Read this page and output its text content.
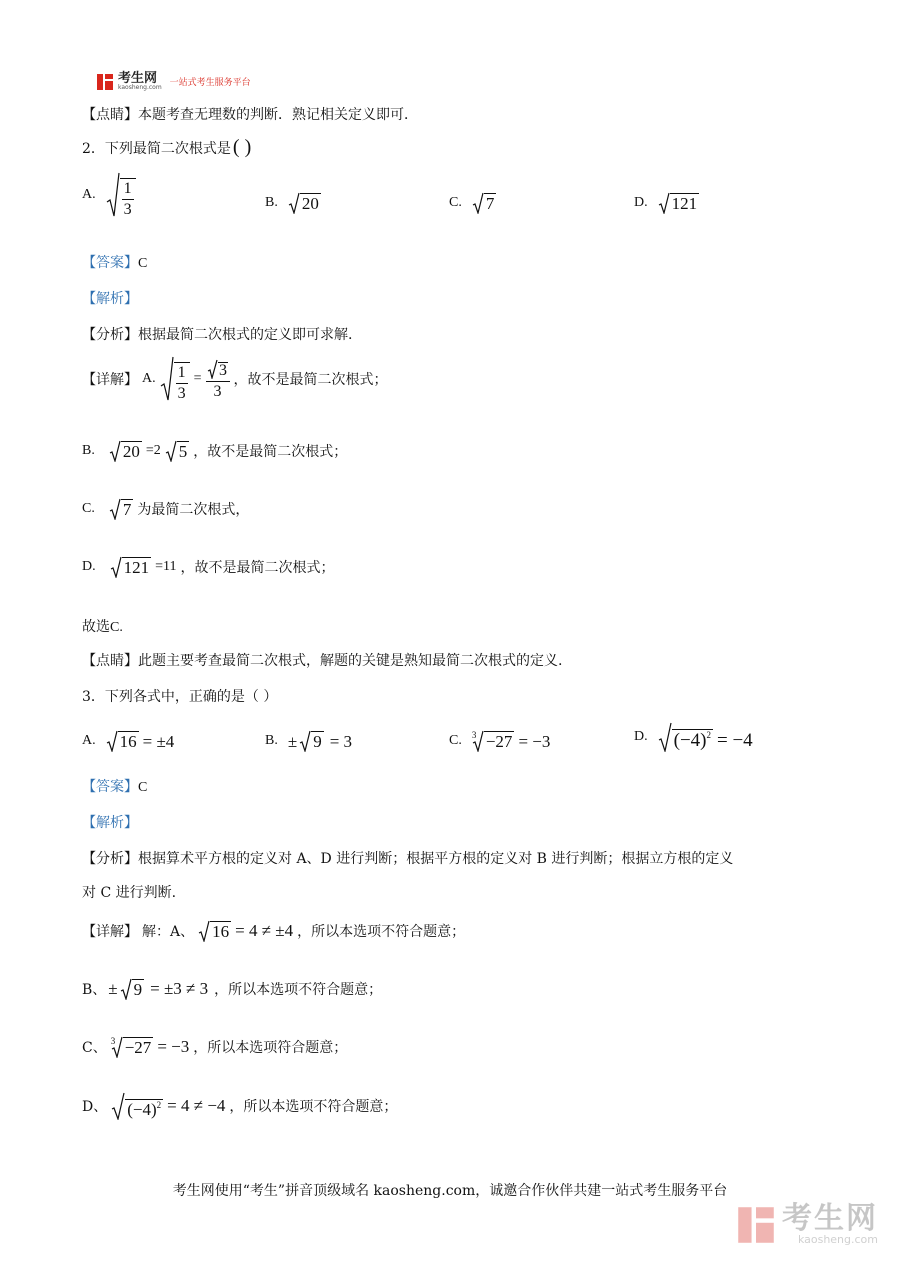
考生网
kaosheng.com 一站式考生服务平台
【点睛】本题考查无理数的判断．熟记相关定义即可．
2．下列最简二次根式是 ( )
A. $\frac{1}{3}$	B. 20	C. 7	D. 121
【答案】C
【解析】
【分析】根据最简二次根式的定义即可求解.
【详解】 A. $\frac{1}{3} = \frac{3}{3}$ ，故不是最简二次根式；
B. 20 =2 5 ，故不是最简二次根式；
C. 7 为最简二次根式，
D. 121 =11 ，故不是最简二次根式；
故选C.
【点睛】此题主要考查最简二次根式，解题的关键是熟知最简二次根式的定义.
3．下列各式中，正确的是（ ）
A. 16 = ±4	B. ± 9 = 3	C. 3 −27 = −3	D. $(-4)^2 = -4$
【答案】C
【解析】
【分析】根据算术平方根的定义对 A、D 进行判断；根据平方根的定义对 B 进行判断；根据立方根的定义
对 C 进行判断.
【详解】 解：A、 16 = 4 ≠ ±4 ，所以本选项不符合题意；
B、 ± 9 = ±3 ≠ 3 ，所以本选项不符合题意；
C、 3 −27 = −3 ，所以本选项符合题意；
D、 $(-4)^2 = 4 \ne -4$ ，所以本选项不符合题意；
考生网使用“考生”拼音顶级域名 kaosheng.com，诚邀合作伙伴共建一站式考生服务平台
考生网
kaosheng.com
